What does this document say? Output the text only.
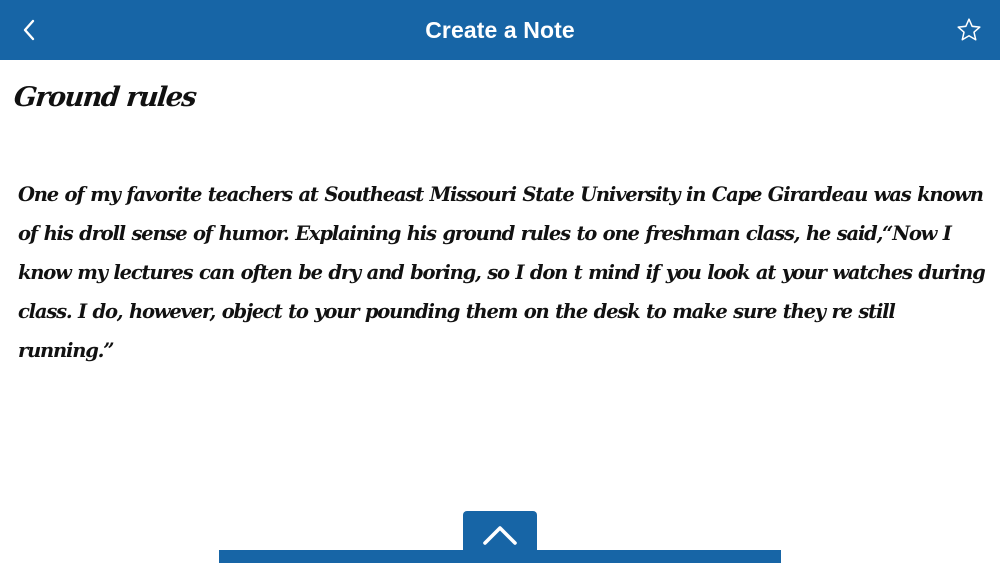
Create a Note
Ground rules
One of my favorite teachers at Southeast Missouri State University in Cape Girardeau was known of his droll sense of humor. Explaining his ground rules to one freshman class, he said,“Now I know my lectures can often be dry and boring, so I don t mind if you look at your watches during class. I do, however, object to your pounding them on the desk to make sure they re still running.”
